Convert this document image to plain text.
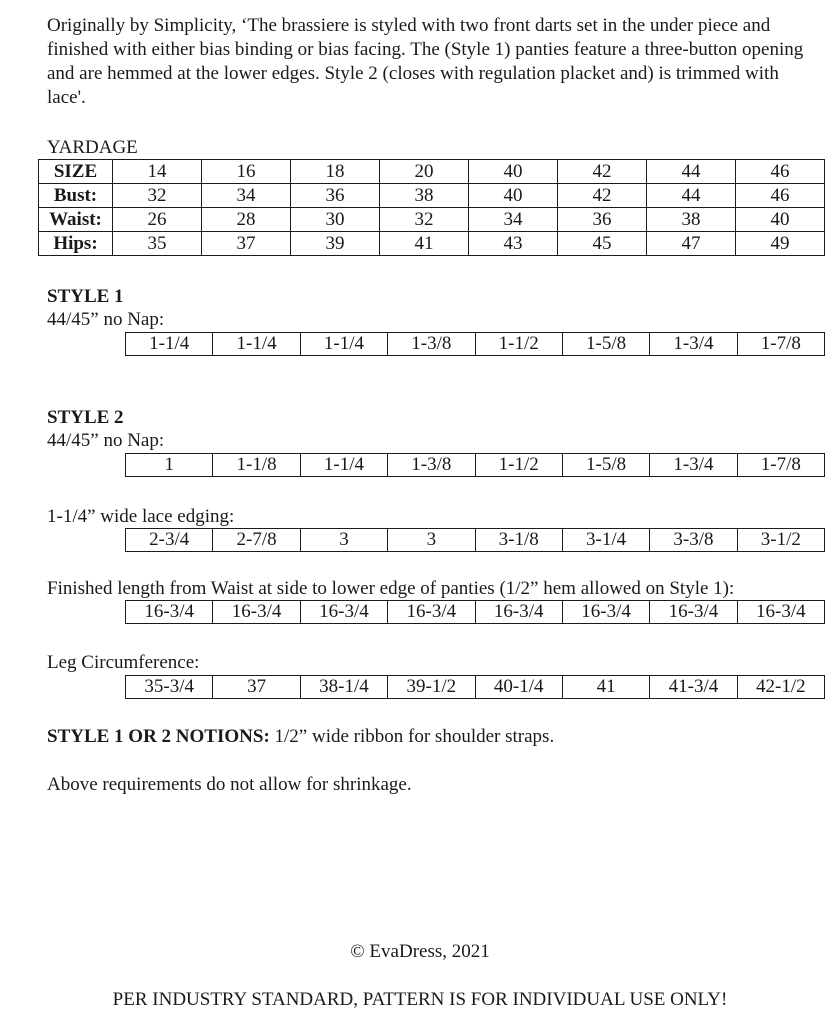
Originally by Simplicity, ‘The brassiere is styled with two front darts set in the under piece and finished with either bias binding or bias facing. The (Style 1) panties feature a three-button opening and are hemmed at the lower edges. Style 2 (closes with regulation placket and) is trimmed with lace'.

YARDAGE
SIZE	14	16	18	20	40	42	44	46
Bust:	32	34	36	38	40	42	44	46
Waist:	26	28	30	32	34	36	38	40
Hips:	35	37	39	41	43	45	47	49
STYLE 1
44/45” no Nap:
1-1/4	1-1/4	1-1/4	1-3/8	1-1/2	1-5/8	1-3/4	1-7/8
STYLE 2
44/45” no Nap:
1	1-1/8	1-1/4	1-3/8	1-1/2	1-5/8	1-3/4	1-7/8
1-1/4” wide lace edging:
2-3/4	2-7/8	3	3	3-1/8	3-1/4	3-3/8	3-1/2
Finished length from Waist at side to lower edge of panties (1/2” hem allowed on Style 1):
16-3/4	16-3/4	16-3/4	16-3/4	16-3/4	16-3/4	16-3/4	16-3/4
Leg Circumference:
35-3/4	37	38-1/4	39-1/2	40-1/4	41	41-3/4	42-1/2
STYLE 1 OR 2 NOTIONS: 1/2” wide ribbon for shoulder straps.
Above requirements do not allow for shrinkage.
© EvaDress, 2021
PER INDUSTRY STANDARD, PATTERN IS FOR INDIVIDUAL USE ONLY!
